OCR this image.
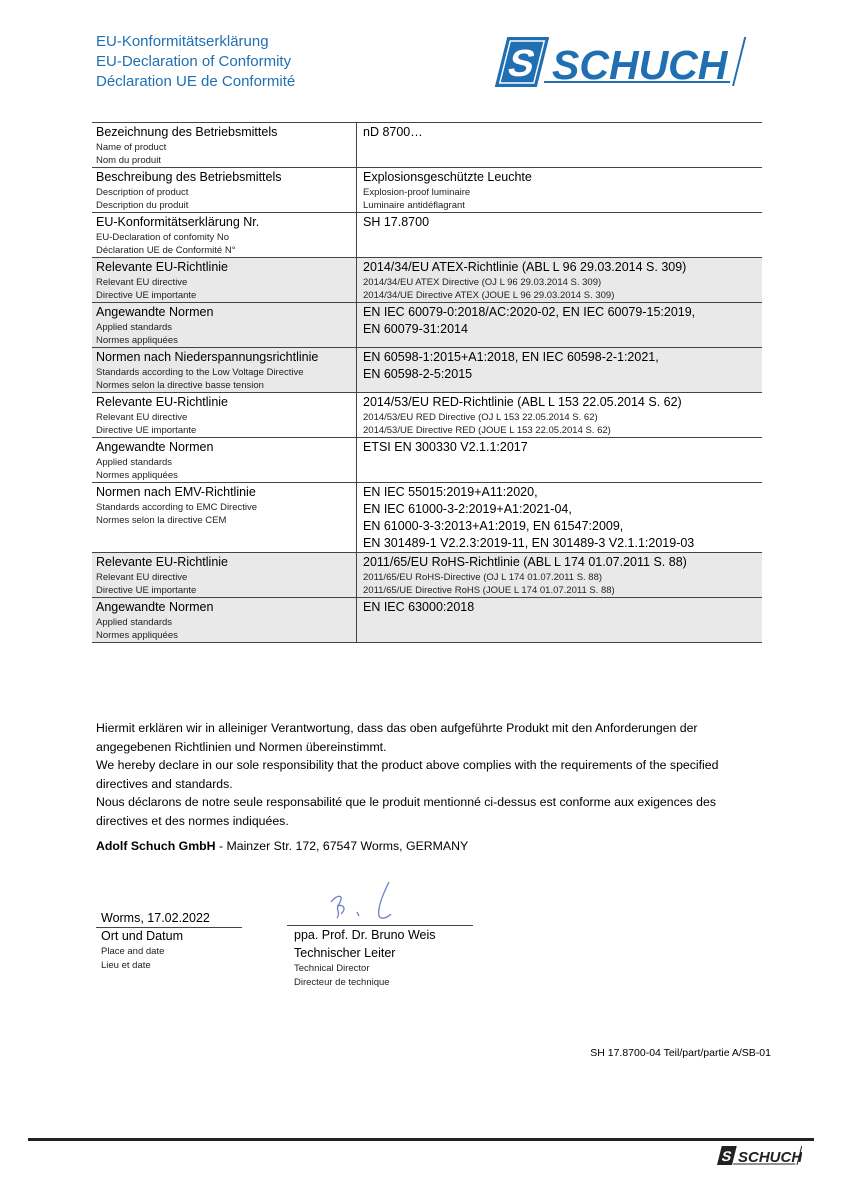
EU-Konformitätserklärung
EU-Declaration of Conformity
Déclaration UE de Conformité	S SCHUCH
Bezeichnung des Betriebsmittels
Name of product
Nom du produit
nD 8700…
Beschreibung des Betriebsmittels
Description of product
Description du produit
Explosionsgeschützte Leuchte
Explosion-proof luminaire
Luminaire antidéflagrant
EU-Konformitätserklärung Nr.
EU-Declaration of confomity No
Déclaration UE de Conformité N°
SH 17.8700
Relevante EU-Richtlinie
Relevant EU directive
Directive UE importante
2014/34/EU ATEX-Richtlinie (ABL L 96 29.03.2014 S. 309)
2014/34/EU ATEX Directive (OJ L 96 29.03.2014 S. 309)
2014/34/UE Directive ATEX (JOUE L 96 29.03.2014 S. 309)
Angewandte Normen
Applied standards
Normes appliquées
EN IEC 60079-0:2018/AC:2020-02, EN IEC 60079-15:2019,
EN 60079-31:2014
Normen nach Niederspannungsrichtlinie
Standards according to the Low Voltage Directive
Normes selon la directive basse tension
EN 60598-1:2015+A1:2018, EN IEC 60598-2-1:2021,
EN 60598-2-5:2015
Relevante EU-Richtlinie
Relevant EU directive
Directive UE importante
2014/53/EU RED-Richtlinie (ABL L 153 22.05.2014 S. 62)
2014/53/EU RED Directive (OJ L 153 22.05.2014 S. 62)
2014/53/UE Directive RED (JOUE L 153 22.05.2014 S. 62)
Angewandte Normen
Applied standards
Normes appliquées
ETSI EN 300330 V2.1.1:2017
Normen nach EMV-Richtlinie
Standards according to EMC Directive
Normes selon la directive CEM
EN IEC 55015:2019+A11:2020,
EN IEC 61000-3-2:2019+A1:2021-04,
EN 61000-3-3:2013+A1:2019, EN 61547:2009,
EN 301489-1 V2.2.3:2019-11, EN 301489-3 V2.1.1:2019-03
Relevante EU-Richtlinie
Relevant EU directive
Directive UE importante
2011/65/EU RoHS-Richtlinie (ABL L 174 01.07.2011 S. 88)
2011/65/EU RoHS-Directive (OJ L 174 01.07.2011 S. 88)
2011/65/UE Directive RoHS (JOUE L 174 01.07.2011 S. 88)
Angewandte Normen
Applied standards
Normes appliquées
EN IEC 63000:2018

Hiermit erklären wir in alleiniger Verantwortung, dass das oben aufgeführte Produkt mit den Anforderungen der angegebenen Richtlinien und Normen übereinstimmt.

We hereby declare in our sole responsibility that the product above complies with the requirements of the specified directives and standards.

Nous déclarons de notre seule responsabilité que le produit mentionné ci-dessus est conforme aux exigences des directives et des normes indiquées.

Adolf Schuch GmbH - Mainzer Str. 172, 67547 Worms, GERMANY
Worms, 17.02.2022
Ort und Datum
Place and date
Lieu et date
ppa. Prof. Dr. Bruno Weis
Technischer Leiter
Technical Director
Directeur de technique
SH 17.8700-04 Teil/part/partie A/SB-01
S SCHUCH
